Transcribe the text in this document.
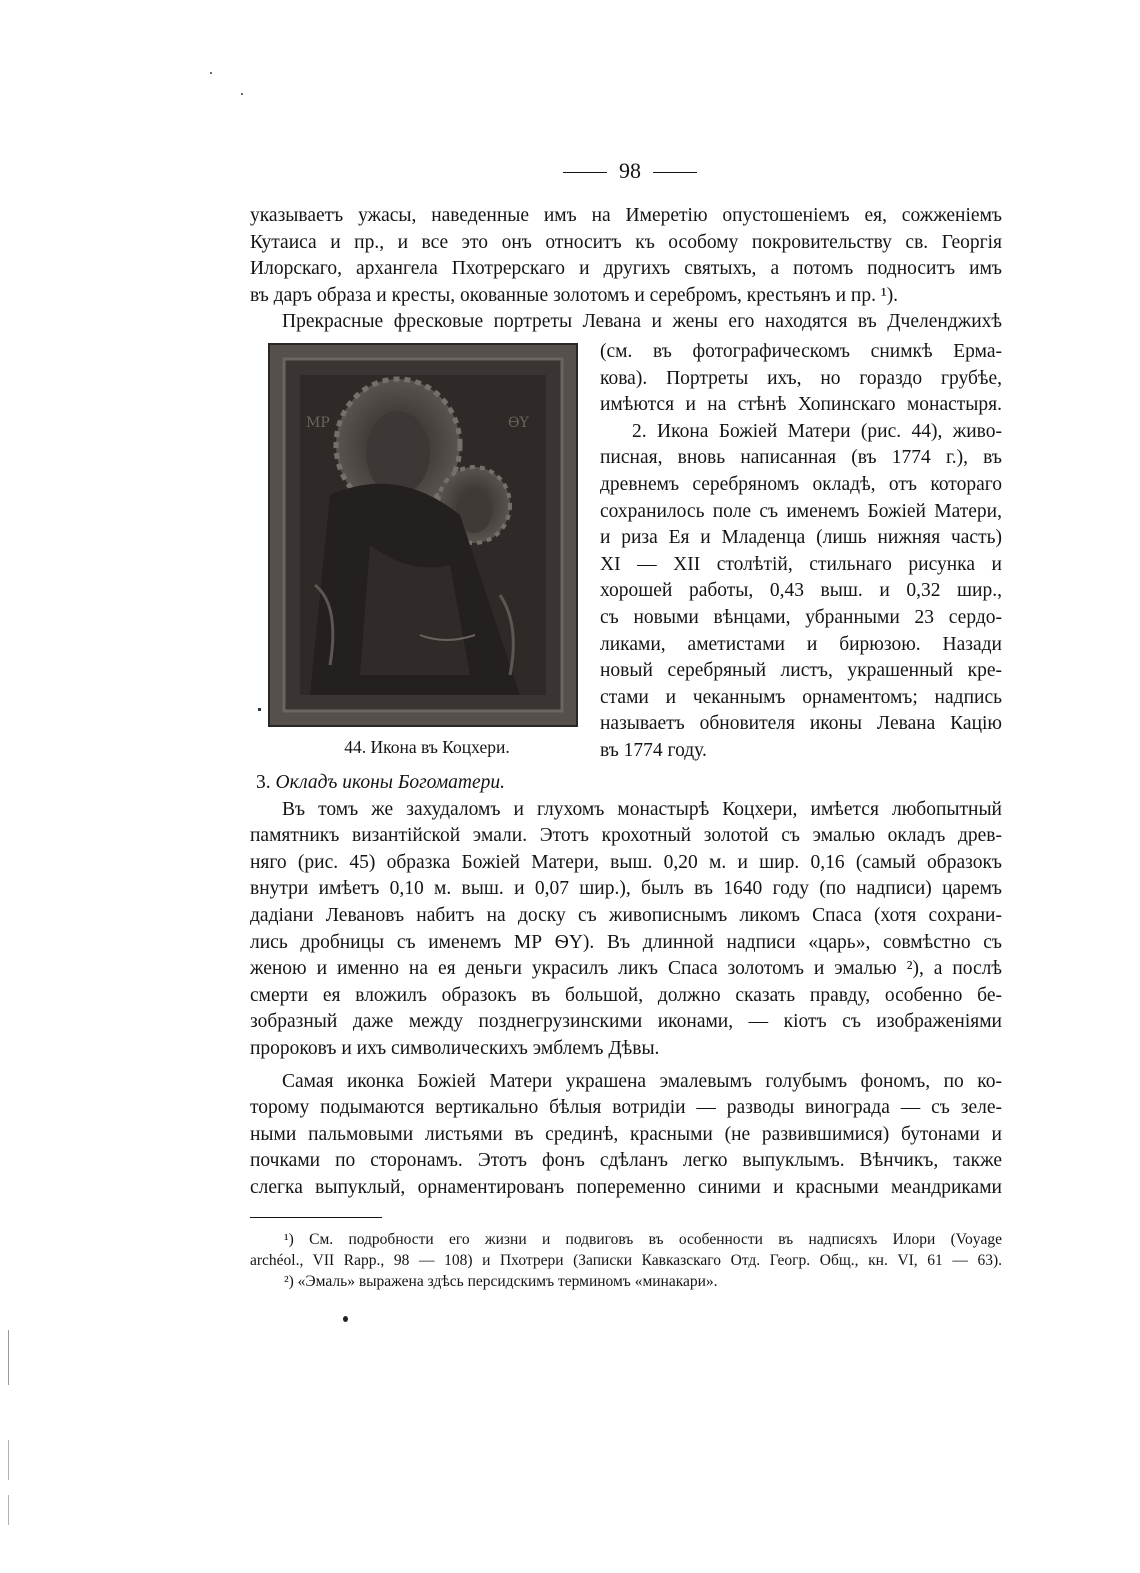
98
указываетъ ужасы, наведенные имъ на Имеретію опустошеніемъ ея, сожженіемъ
Кутаиса и пр., и все это онъ относитъ къ особому покровительству св. Георгія
Илорскаго, архангела Пхотрерскаго и другихъ святыхъ, а потомъ подноситъ имъ
въ даръ образа и кресты, окованные золотомъ и серебромъ, крестьянъ и пр. ¹).
Прекрасные фресковые портреты Левана и жены его находятся въ Дчеленджихѣ
МР	ѲY
44. Икона въ Коцхери.
(см. въ фотографическомъ снимкѣ Ерма-
кова). Портреты ихъ, но гораздо грубѣе,
имѣются и на стѣнѣ Хопинскаго монастыря.
2. Икона Божіей Матери (рис. 44), живо-
писная, вновь написанная (въ 1774 г.), въ
древнемъ серебряномъ окладѣ, отъ котораго
сохранилось поле съ именемъ Божіей Матери,
и риза Ея и Младенца (лишь нижняя часть)
XI — XII столѣтій, стильнаго рисунка и
хорошей работы, 0,43 выш. и 0,32 шир.,
съ новыми вѣнцами, убранными 23 сердо-
ликами, аметистами и бирюзою. Назади
новый серебряный листъ, украшенный кре-
стами и чеканнымъ орнаментомъ; надпись
называетъ обновителя иконы Левана Кацію
въ 1774 году.
3. Окладъ иконы Богоматери.
Въ томъ же захудаломъ и глухомъ монастырѣ Коцхери, имѣется любопытный
памятникъ византійской эмали. Этотъ крохотный золотой съ эмалью окладъ древ-
няго (рис. 45) образка Божіей Матери, выш. 0,20 м. и шир. 0,16 (самый образокъ
внутри имѣетъ 0,10 м. выш. и 0,07 шир.), былъ въ 1640 году (по надписи) царемъ
дадіани Левановъ набитъ на доску съ живописнымъ ликомъ Спаса (хотя сохрани-
лись дробницы съ именемъ МР ѲY). Въ длинной надписи «царь», совмѣстно съ
женою и именно на ея деньги украсилъ ликъ Спаса золотомъ и эмалью ²), а послѣ
смерти ея вложилъ образокъ въ большой, должно сказать правду, особенно бе-
зобразный даже между позднегрузинскими иконами, — кіотъ съ изображеніями
пророковъ и ихъ символическихъ эмблемъ Дѣвы.
Самая иконка Божіей Матери украшена эмалевымъ голубымъ фономъ, по ко-
торому подымаются вертикально бѣлыя вотридіи — разводы винограда — съ зеле-
ными пальмовыми листьями въ срединѣ, красными (не развившимися) бутонами и
почками по сторонамъ. Этотъ фонъ сдѣланъ легко выпуклымъ. Вѣнчикъ, также
слегка выпуклый, орнаментированъ попеременно синими и красными меандриками
¹) См. подробности его жизни и подвиговъ въ особенности въ надписяхъ Илори (Voyage
archéol., VII Rapp., 98 — 108) и Пхотрери (Записки Кавказскаго Отд. Геогр. Общ., кн. VI, 61 — 63).
²) «Эмаль» выражена здѣсь персидскимъ терминомъ «минакари».
